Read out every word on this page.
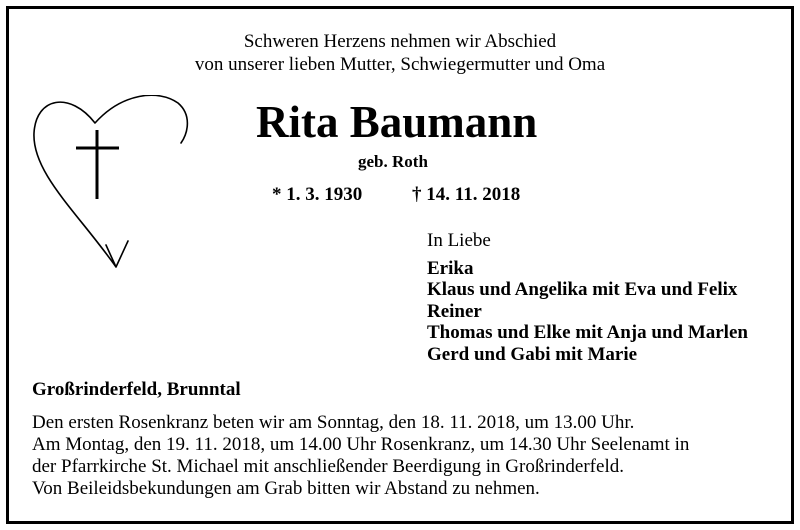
Schweren Herzens nehmen wir Abschied
von unserer lieben Mutter, Schwiegermutter und Oma
Rita Baumann
geb. Roth
* 1. 3. 1930	† 14. 11. 2018
In Liebe
Erika
Klaus und Angelika mit Eva und Felix
Reiner
Thomas und Elke mit Anja und Marlen
Gerd und Gabi mit Marie
Großrinderfeld, Brunntal
Den ersten Rosenkranz beten wir am Sonntag, den 18. 11. 2018, um 13.00 Uhr.
Am Montag, den 19. 11. 2018, um 14.00 Uhr Rosenkranz, um 14.30 Uhr Seelenamt in
der Pfarrkirche St. Michael mit anschließender Beerdigung in Großrinderfeld.
Von Beileidsbekundungen am Grab bitten wir Abstand zu nehmen.
